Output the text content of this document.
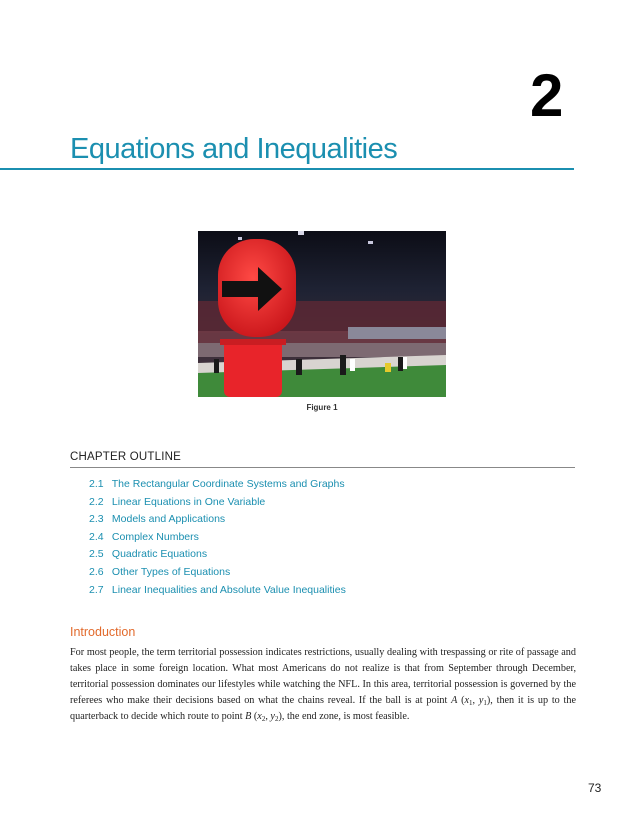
2
Equations and Inequalities
Figure 1
CHAPTER OUTLINE
2.1 The Rectangular Coordinate Systems and Graphs
2.2 Linear Equations in One Variable
2.3 Models and Applications
2.4 Complex Numbers
2.5 Quadratic Equations
2.6 Other Types of Equations
2.7 Linear Inequalities and Absolute Value Inequalities
Introduction

For most people, the term territorial possession indicates restrictions, usually dealing with trespassing or rite of passage and takes place in some foreign location. What most Americans do not realize is that from September through December, territorial possession dominates our lifestyles while watching the NFL. In this area, territorial possession is governed by the referees who make their decisions based on what the chains reveal. If the ball is at point A ($x_1$, $y_1$), then it is up to the quarterback to decide which route to point B ($x_2$, $y_2$), the end zone, is most feasible.

73
